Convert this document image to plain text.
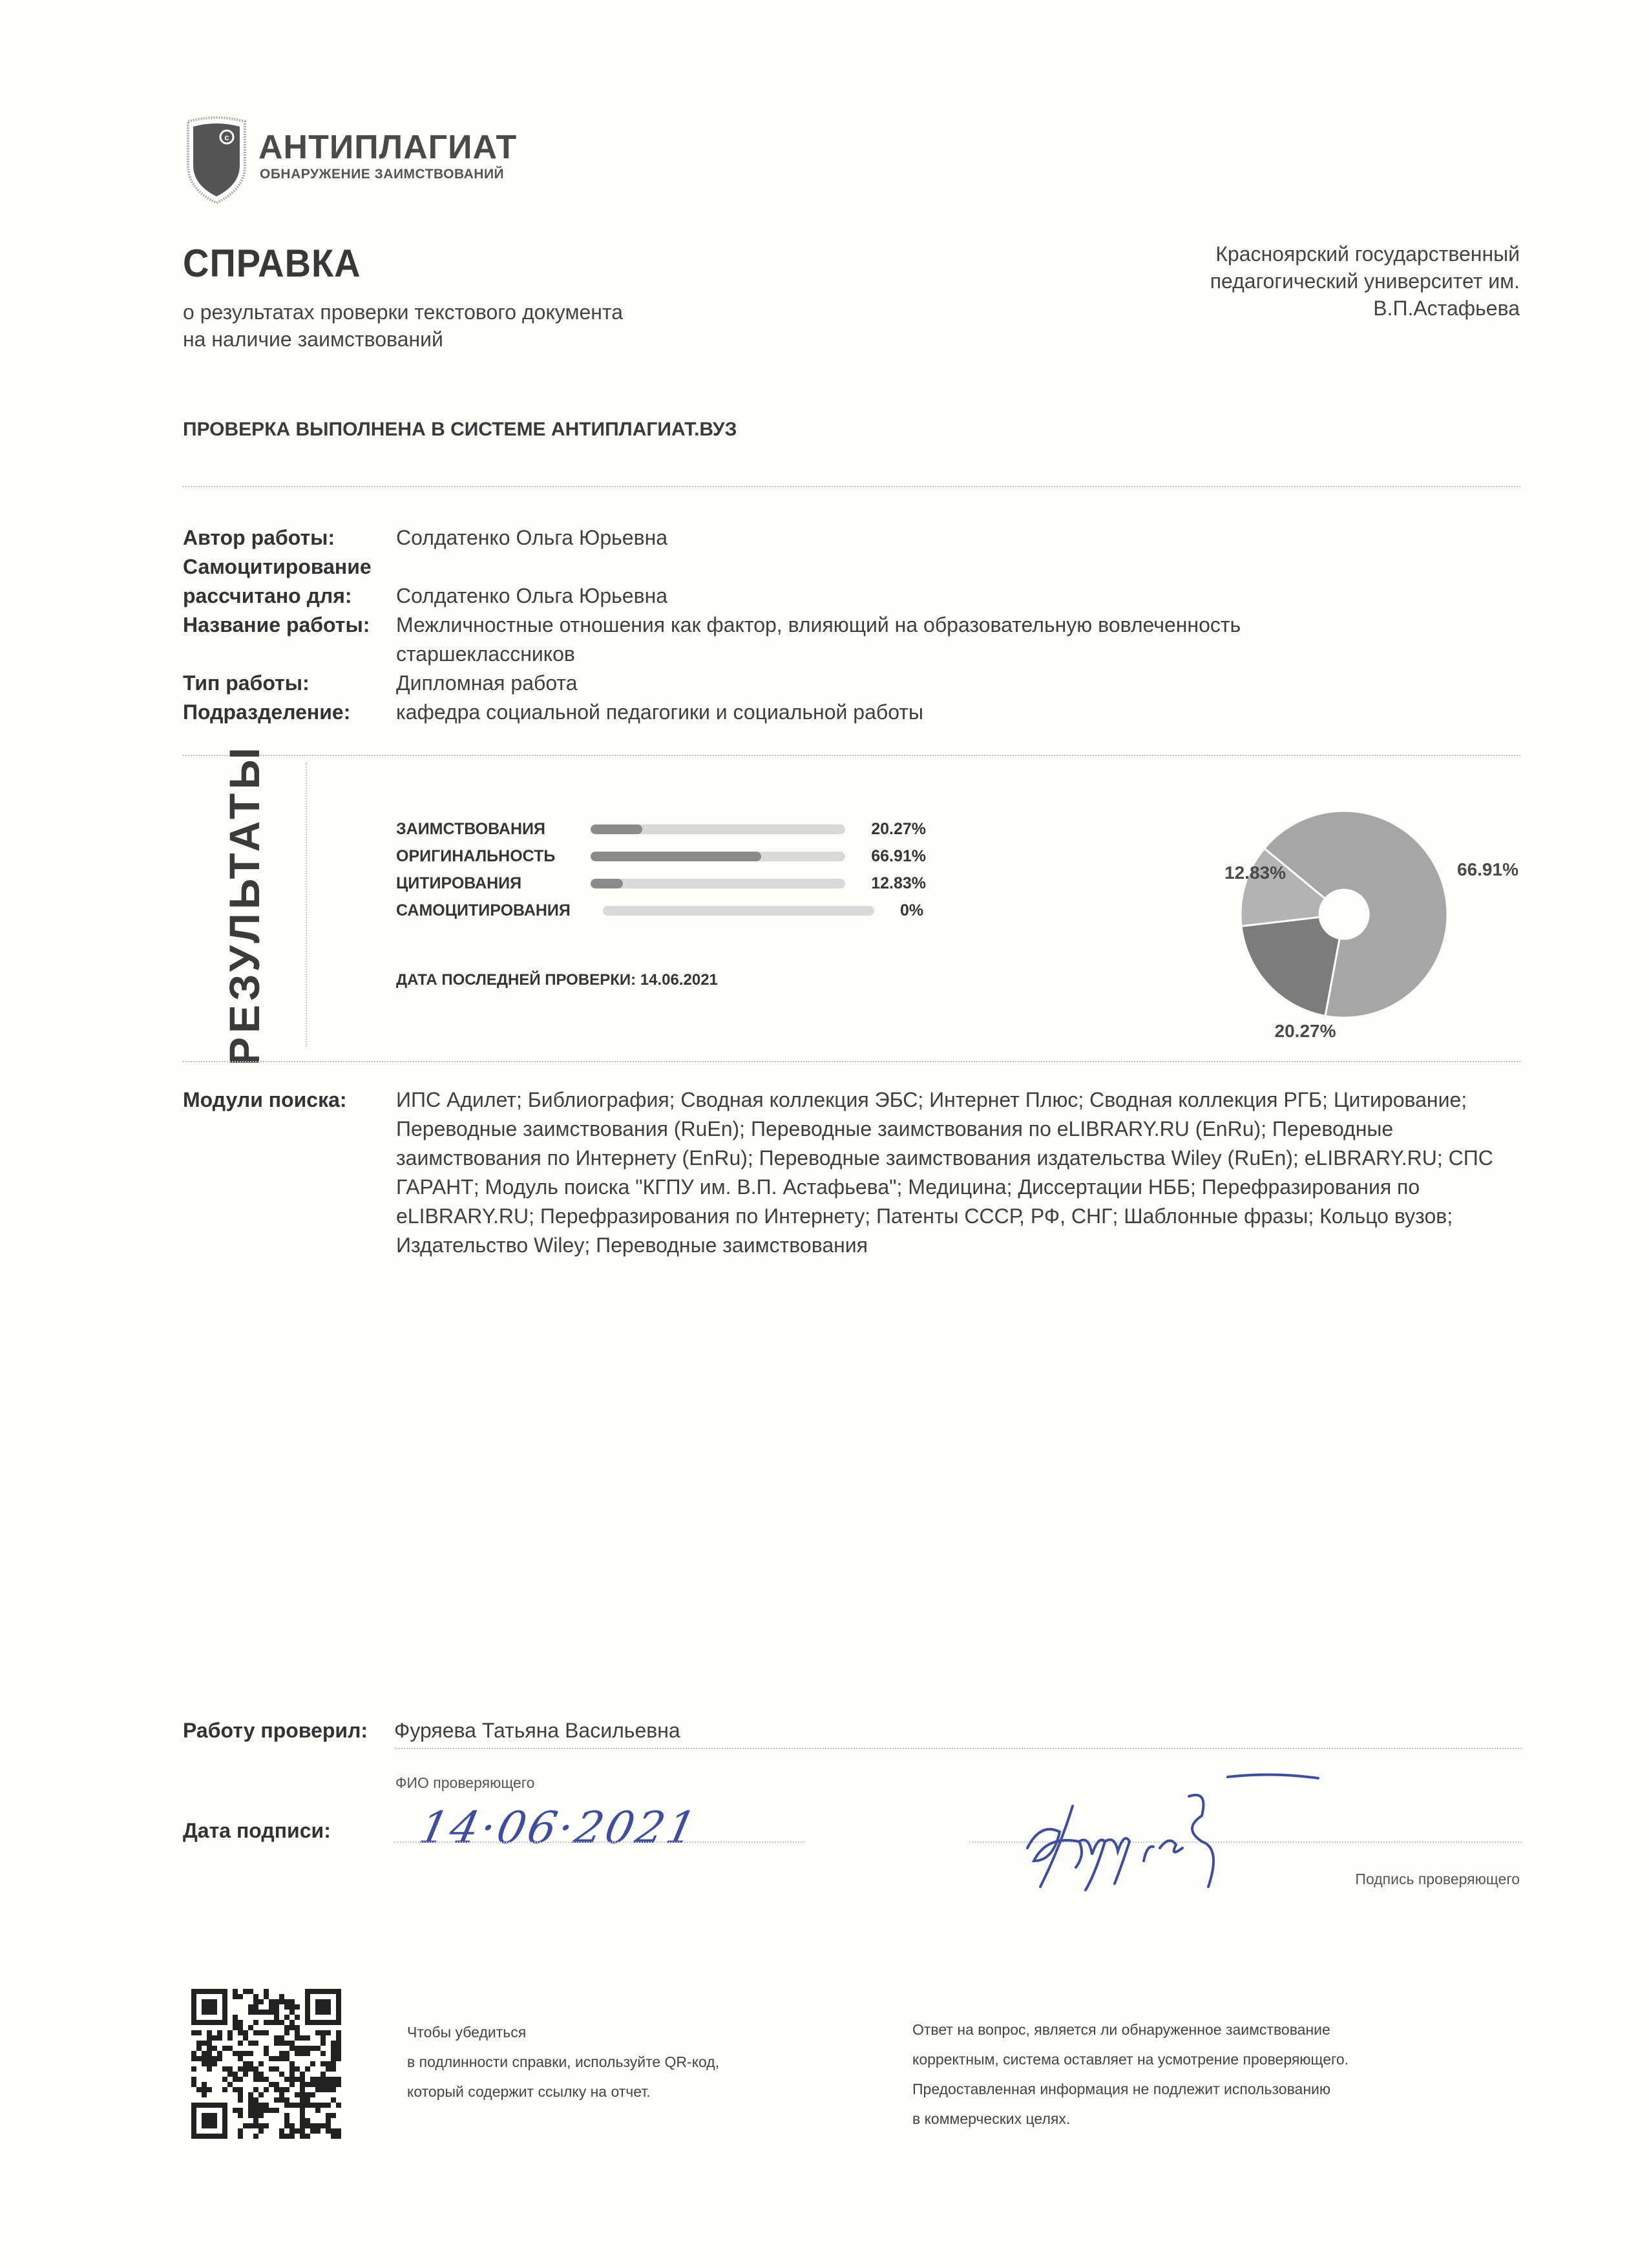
c АНТИПЛАГИАТ
ОБНАРУЖЕНИЕ ЗАИМСТВОВАНИЙ
СПРАВКА
о результатах проверки текстового документа
на наличие заимствований
Красноярский государственный
педагогический университет им.
В.П.Астафьева
ПРОВЕРКА ВЫПОЛНЕНА В СИСТЕМЕ АНТИПЛАГИАТ.ВУЗ
Автор работы:	Солдатенко Ольга Юрьевна
Самоцитирование
рассчитано для:	Солдатенко Ольга Юрьевна
Название работы:	Межличностные отношения как фактор, влияющий на образовательную вовлеченность старшеклассников
Тип работы:	Дипломная работа
Подразделение:	кафедра социальной педагогики и социальной работы
РЕЗУЛЬТАТЫ	ЗАИМСТВОВАНИЯ	20.27%
ОРИГИНАЛЬНОСТЬ	66.91%
ЦИТИРОВАНИЯ	12.83%
САМОЦИТИРОВАНИЯ	0%
ДАТА ПОСЛЕДНЕЙ ПРОВЕРКИ: 14.06.2021
66.91%
20.27%
12.83%
Модули поиска:	ИПС Адилет; Библиография; Сводная коллекция ЭБС; Интернет Плюс; Сводная коллекция РГБ; Цитирование; Переводные заимствования (RuEn); Переводные заимствования по eLIBRARY.RU (EnRu); Переводные заимствования по Интернету (EnRu); Переводные заимствования издательства Wiley (RuEn); eLIBRARY.RU; СПС ГАРАНТ; Модуль поиска "КГПУ им. В.П. Астафьева"; Медицина; Диссертации НББ; Перефразирования по eLIBRARY.RU; Перефразирования по Интернету; Патенты СССР, РФ, СНГ; Шаблонные фразы; Кольцо вузов; Издательство Wiley; Переводные заимствования
Работу проверил: Фуряева Татьяна Васильевна
ФИО проверяющего
Дата подписи: 14·06·2021
Подпись проверяющего
Чтобы убедиться
в подлинности справки, используйте QR-код,
который содержит ссылку на отчет.
Ответ на вопрос, является ли обнаруженное заимствование
корректным, система оставляет на усмотрение проверяющего.
Предоставленная информация не подлежит использованию
в коммерческих целях.
